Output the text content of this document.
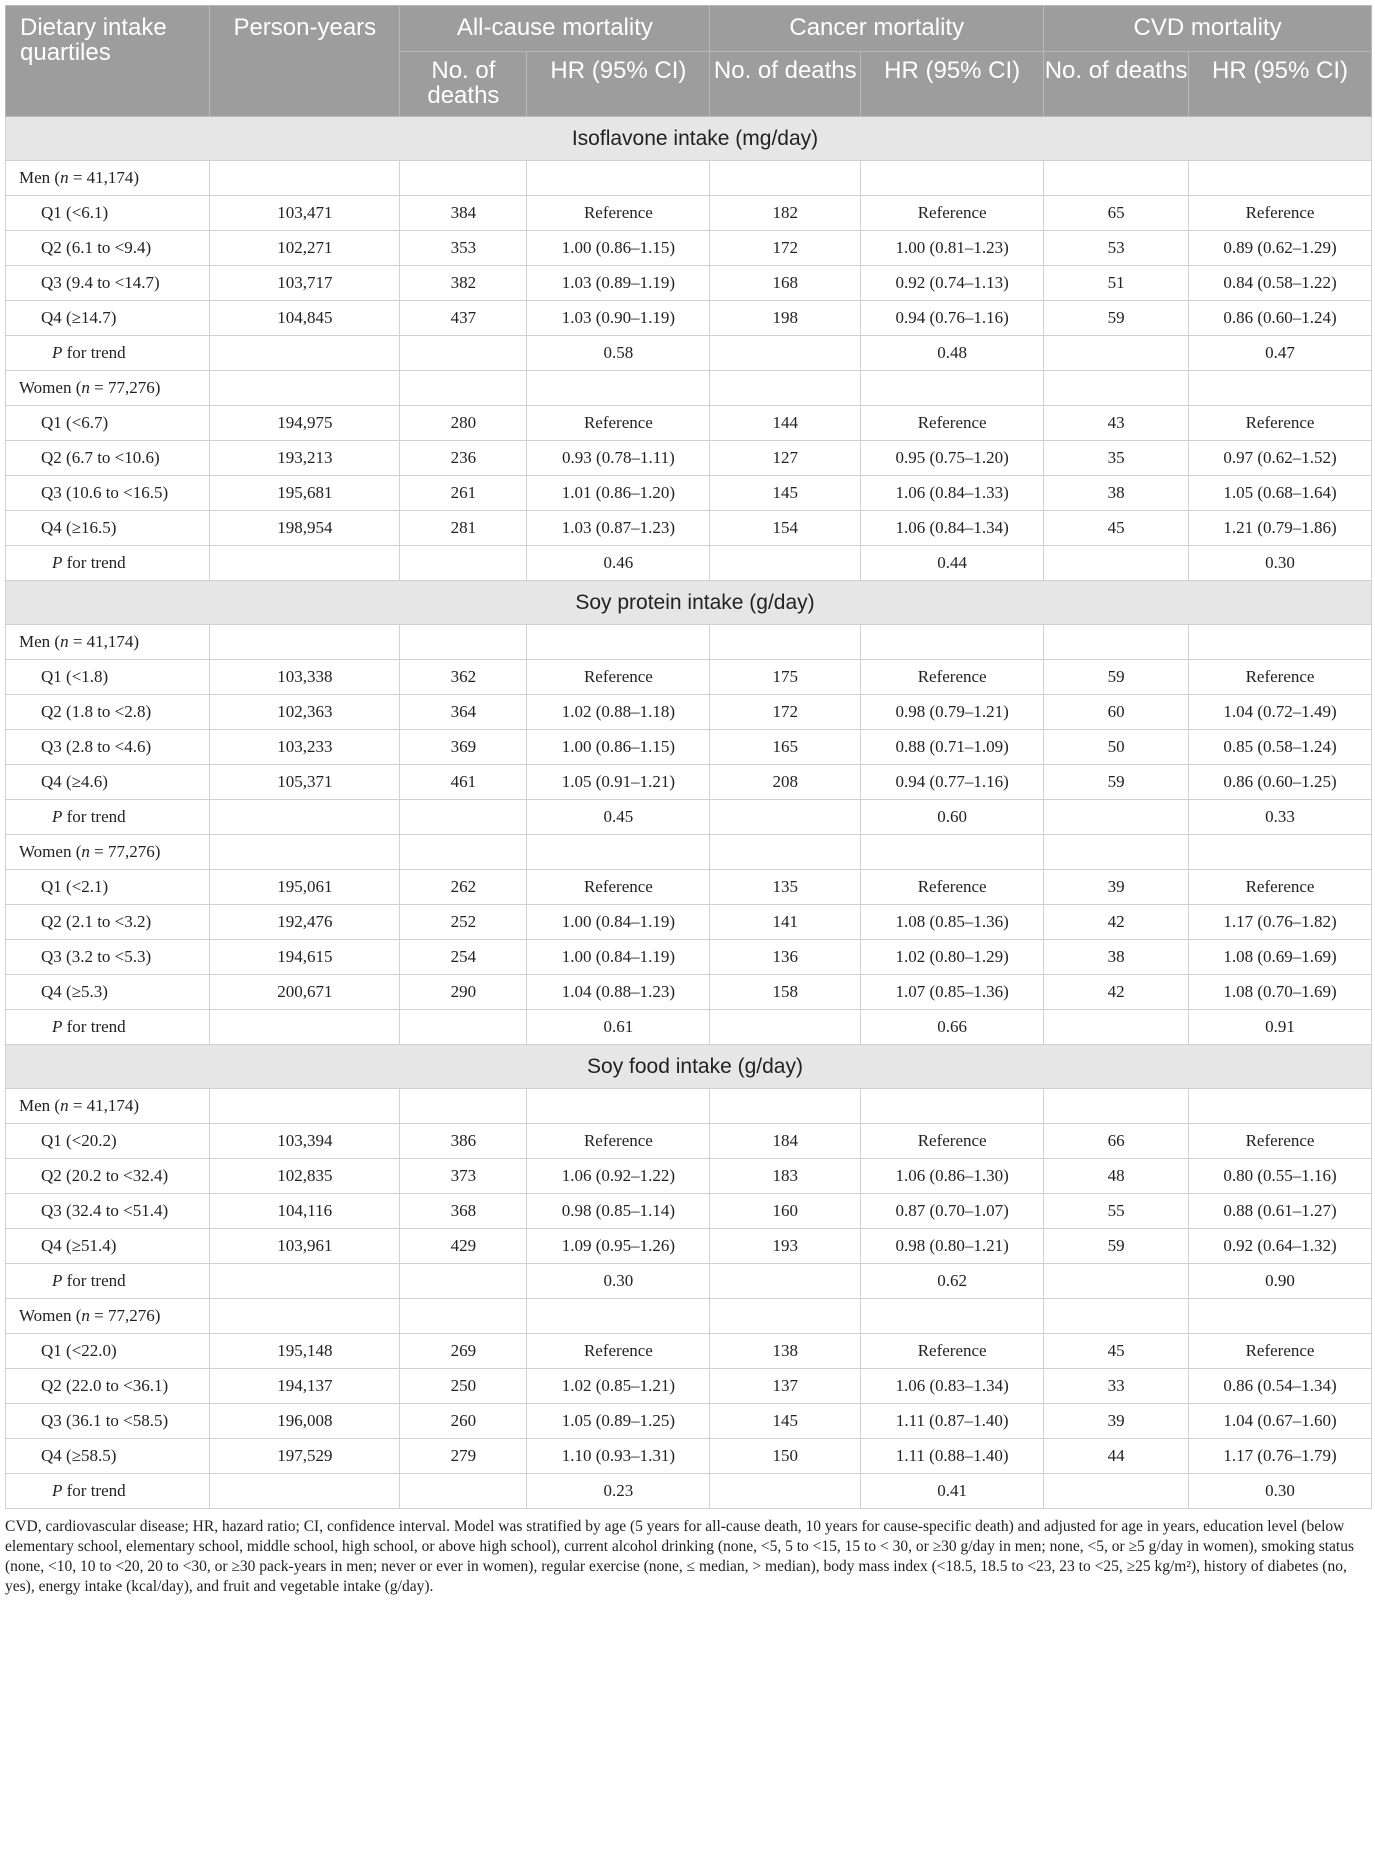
Dietary intake quartiles	Person-years	All-cause mortality		Cancer mortality		CVD mortality	
		No. of deaths	HR (95% CI)	No. of deaths	HR (95% CI)	No. of deaths	HR (95% CI)
Isoflavone intake (mg/day)							
Men (n = 41,174)							
Q1 (<6.1)	103,471	384	Reference	182	Reference	65	Reference
Q2 (6.1 to <9.4)	102,271	353	1.00 (0.86–1.15)	172	1.00 (0.81–1.23)	53	0.89 (0.62–1.29)
Q3 (9.4 to <14.7)	103,717	382	1.03 (0.89–1.19)	168	0.92 (0.74–1.13)	51	0.84 (0.58–1.22)
Q4 (≥14.7)	104,845	437	1.03 (0.90–1.19)	198	0.94 (0.76–1.16)	59	0.86 (0.60–1.24)
P for trend			0.58		0.48		0.47
Women (n = 77,276)							
Q1 (<6.7)	194,975	280	Reference	144	Reference	43	Reference
Q2 (6.7 to <10.6)	193,213	236	0.93 (0.78–1.11)	127	0.95 (0.75–1.20)	35	0.97 (0.62–1.52)
Q3 (10.6 to <16.5)	195,681	261	1.01 (0.86–1.20)	145	1.06 (0.84–1.33)	38	1.05 (0.68–1.64)
Q4 (≥16.5)	198,954	281	1.03 (0.87–1.23)	154	1.06 (0.84–1.34)	45	1.21 (0.79–1.86)
P for trend			0.46		0.44		0.30
Soy protein intake (g/day)							
Men (n = 41,174)							
Q1 (<1.8)	103,338	362	Reference	175	Reference	59	Reference
Q2 (1.8 to <2.8)	102,363	364	1.02 (0.88–1.18)	172	0.98 (0.79–1.21)	60	1.04 (0.72–1.49)
Q3 (2.8 to <4.6)	103,233	369	1.00 (0.86–1.15)	165	0.88 (0.71–1.09)	50	0.85 (0.58–1.24)
Q4 (≥4.6)	105,371	461	1.05 (0.91–1.21)	208	0.94 (0.77–1.16)	59	0.86 (0.60–1.25)
P for trend			0.45		0.60		0.33
Women (n = 77,276)							
Q1 (<2.1)	195,061	262	Reference	135	Reference	39	Reference
Q2 (2.1 to <3.2)	192,476	252	1.00 (0.84–1.19)	141	1.08 (0.85–1.36)	42	1.17 (0.76–1.82)
Q3 (3.2 to <5.3)	194,615	254	1.00 (0.84–1.19)	136	1.02 (0.80–1.29)	38	1.08 (0.69–1.69)
Q4 (≥5.3)	200,671	290	1.04 (0.88–1.23)	158	1.07 (0.85–1.36)	42	1.08 (0.70–1.69)
P for trend			0.61		0.66		0.91
Soy food intake (g/day)							
Men (n = 41,174)							
Q1 (<20.2)	103,394	386	Reference	184	Reference	66	Reference
Q2 (20.2 to <32.4)	102,835	373	1.06 (0.92–1.22)	183	1.06 (0.86–1.30)	48	0.80 (0.55–1.16)
Q3 (32.4 to <51.4)	104,116	368	0.98 (0.85–1.14)	160	0.87 (0.70–1.07)	55	0.88 (0.61–1.27)
Q4 (≥51.4)	103,961	429	1.09 (0.95–1.26)	193	0.98 (0.80–1.21)	59	0.92 (0.64–1.32)
P for trend			0.30		0.62		0.90
Women (n = 77,276)							
Q1 (<22.0)	195,148	269	Reference	138	Reference	45	Reference
Q2 (22.0 to <36.1)	194,137	250	1.02 (0.85–1.21)	137	1.06 (0.83–1.34)	33	0.86 (0.54–1.34)
Q3 (36.1 to <58.5)	196,008	260	1.05 (0.89–1.25)	145	1.11 (0.87–1.40)	39	1.04 (0.67–1.60)
Q4 (≥58.5)	197,529	279	1.10 (0.93–1.31)	150	1.11 (0.88–1.40)	44	1.17 (0.76–1.79)
P for trend			0.23		0.41		0.30
CVD, cardiovascular disease; HR, hazard ratio; CI, confidence interval. Model was stratified by age (5 years for all-cause death, 10 years for cause-specific death) and adjusted for age in years, education level (below elementary school, elementary school, middle school, high school, or above high school), current alcohol drinking (none, <5, 5 to <15, 15 to < 30, or ≥30 g/day in men; none, <5, or ≥5 g/day in women), smoking status (none, <10, 10 to <20, 20 to <30, or ≥30 pack-years in men; never or ever in women), regular exercise (none, ≤ median, > median), body mass index (<18.5, 18.5 to <23, 23 to <25, ≥25 kg/m²), history of diabetes (no, yes), energy intake (kcal/day), and fruit and vegetable intake (g/day).
